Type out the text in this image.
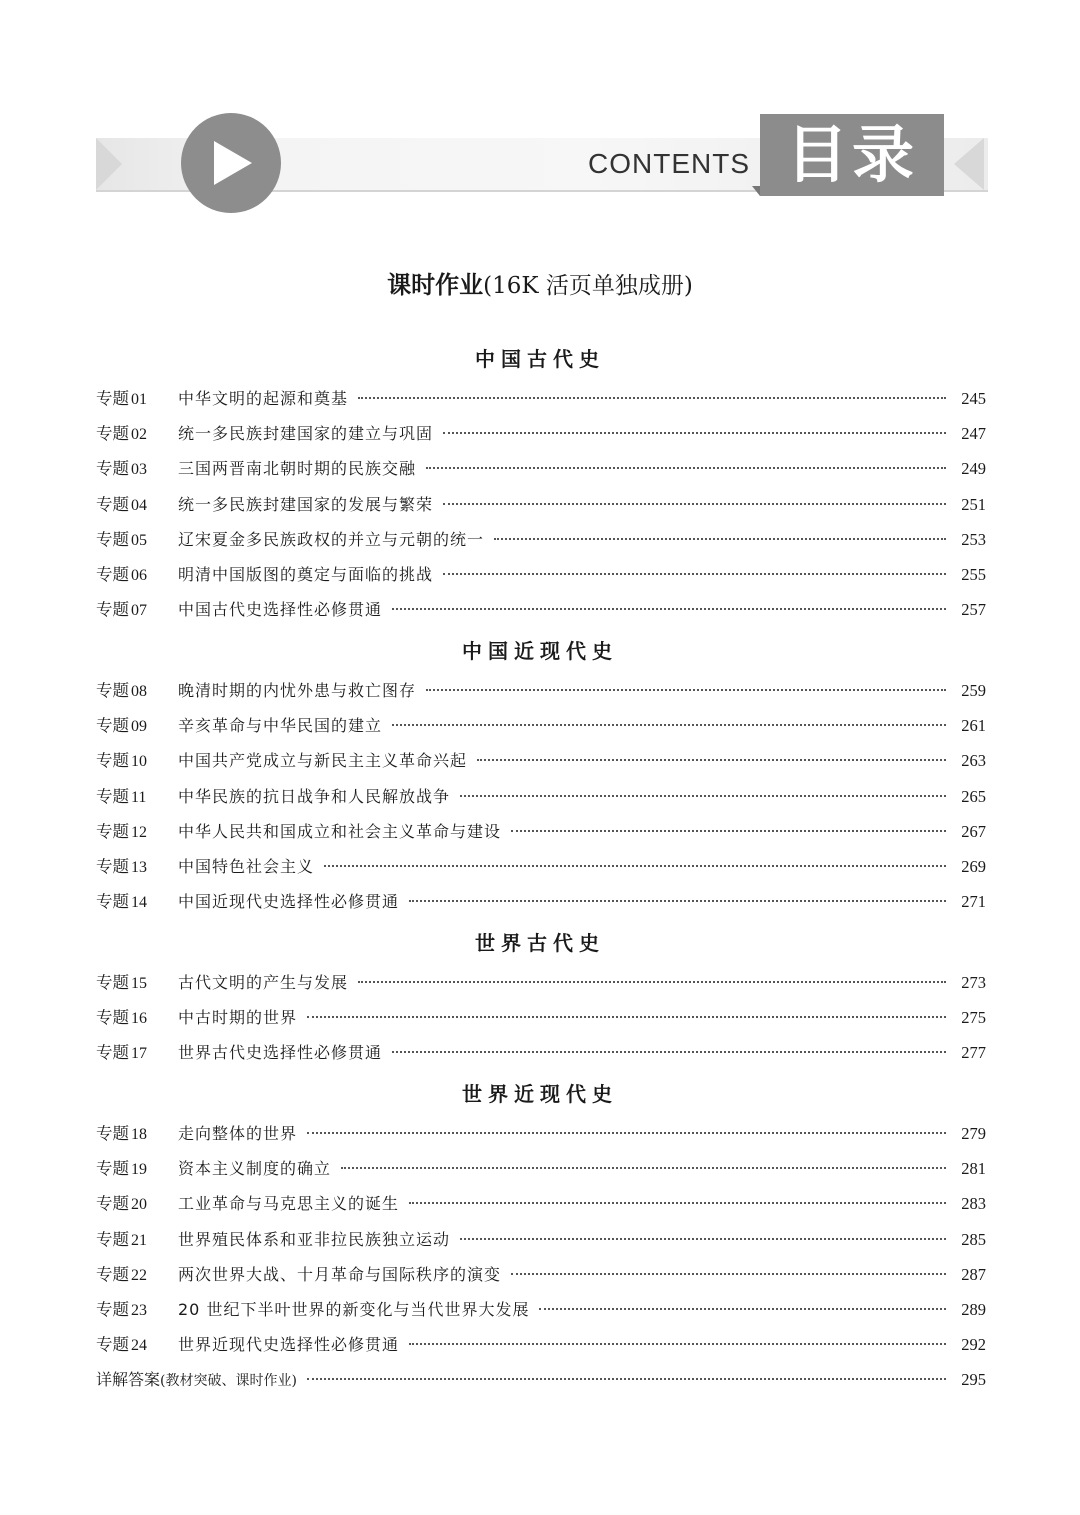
CONTENTS 目录
课时作业(16K 活页单独成册)
中国古代史
专题 01	中华文明的起源和奠基	245
专题 02	统一多民族封建国家的建立与巩固	247
专题 03	三国两晋南北朝时期的民族交融	249
专题 04	统一多民族封建国家的发展与繁荣	251
专题 05	辽宋夏金多民族政权的并立与元朝的统一	253
专题 06	明清中国版图的奠定与面临的挑战	255
专题 07	中国古代史选择性必修贯通	257
中国近现代史
专题 08	晚清时期的内忧外患与救亡图存	259
专题 09	辛亥革命与中华民国的建立	261
专题 10	中国共产党成立与新民主主义革命兴起	263
专题 11	中华民族的抗日战争和人民解放战争	265
专题 12	中华人民共和国成立和社会主义革命与建设	267
专题 13	中国特色社会主义	269
专题 14	中国近现代史选择性必修贯通	271
世界古代史
专题 15	古代文明的产生与发展	273
专题 16	中古时期的世界	275
专题 17	世界古代史选择性必修贯通	277
世界近现代史
专题 18	走向整体的世界	279
专题 19	资本主义制度的确立	281
专题 20	工业革命与马克思主义的诞生	283
专题 21	世界殖民体系和亚非拉民族独立运动	285
专题 22	两次世界大战、十月革命与国际秩序的演变	287
专题 23	20 世纪下半叶世界的新变化与当代世界大发展	289
专题 24	世界近现代史选择性必修贯通	292
详解答案(教材突破、课时作业)	295
